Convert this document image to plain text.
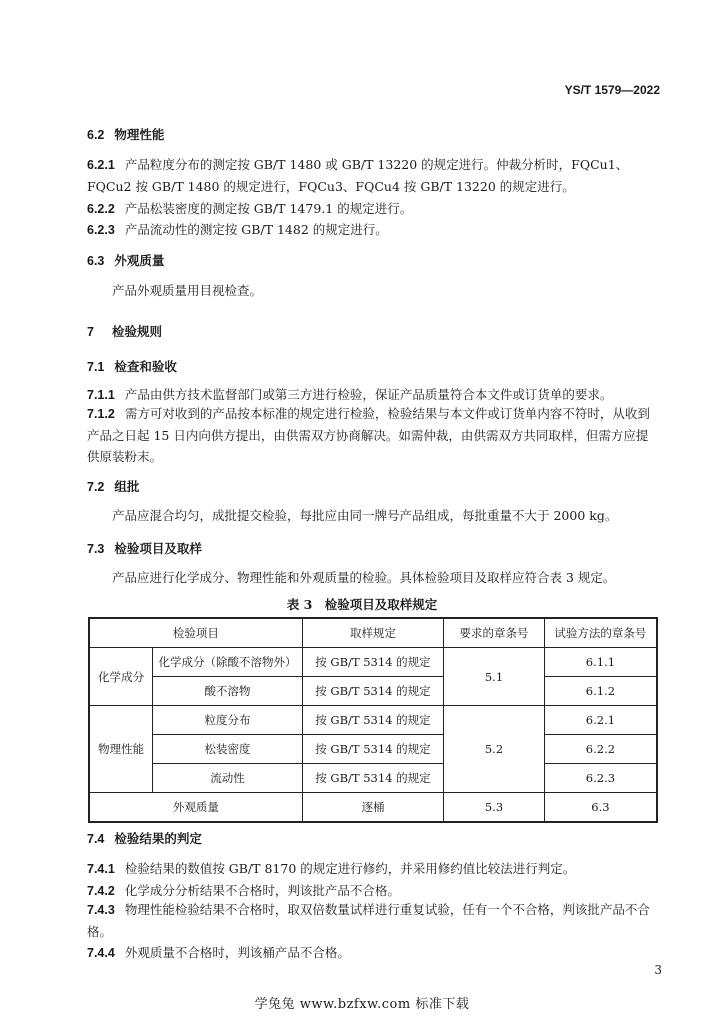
YS/T 1579—2022
6.2 物理性能
6.2.1 产品粒度分布的测定按 GB/T 1480 或 GB/T 13220 的规定进行。仲裁分析时，FQCu1、FQCu2 按 GB/T 1480 的规定进行，FQCu3、FQCu4 按 GB/T 13220 的规定进行。
6.2.2 产品松装密度的测定按 GB/T 1479.1 的规定进行。
6.2.3 产品流动性的测定按 GB/T 1482 的规定进行。
6.3 外观质量
产品外观质量用目视检查。
7 检验规则
7.1 检查和验收
7.1.1 产品由供方技术监督部门或第三方进行检验，保证产品质量符合本文件或订货单的要求。
7.1.2 需方可对收到的产品按本标准的规定进行检验，检验结果与本文件或订货单内容不符时，从收到产品之日起 15 日内向供方提出，由供需双方协商解决。如需仲裁，由供需双方共同取样，但需方应提供原装粉末。
7.2 组批
产品应混合均匀，成批提交检验，每批应由同一牌号产品组成，每批重量不大于 2000 kg。
7.3 检验项目及取样
产品应进行化学成分、物理性能和外观质量的检验。具体检验项目及取样应符合表 3 规定。
表 3　检验项目及取样规定
检验项目		取样规定	要求的章条号	试验方法的章条号
化学成分	化学成分（除酸不溶物外）	按 GB/T 5314 的规定	5.1	6.1.1
	酸不溶物	按 GB/T 5314 的规定		6.1.2
物理性能	粒度分布	按 GB/T 5314 的规定	5.2	6.2.1
	松装密度	按 GB/T 5314 的规定		6.2.2
	流动性	按 GB/T 5314 的规定		6.2.3
外观质量		逐桶	5.3	6.3
7.4 检验结果的判定
7.4.1 检验结果的数值按 GB/T 8170 的规定进行修约，并采用修约值比较法进行判定。
7.4.2 化学成分分析结果不合格时，判该批产品不合格。
7.4.3 物理性能检验结果不合格时，取双倍数量试样进行重复试验，任有一个不合格，判该批产品不合格。
7.4.4 外观质量不合格时，判该桶产品不合格。
3
学兔兔 www.bzfxw.com 标准下载
